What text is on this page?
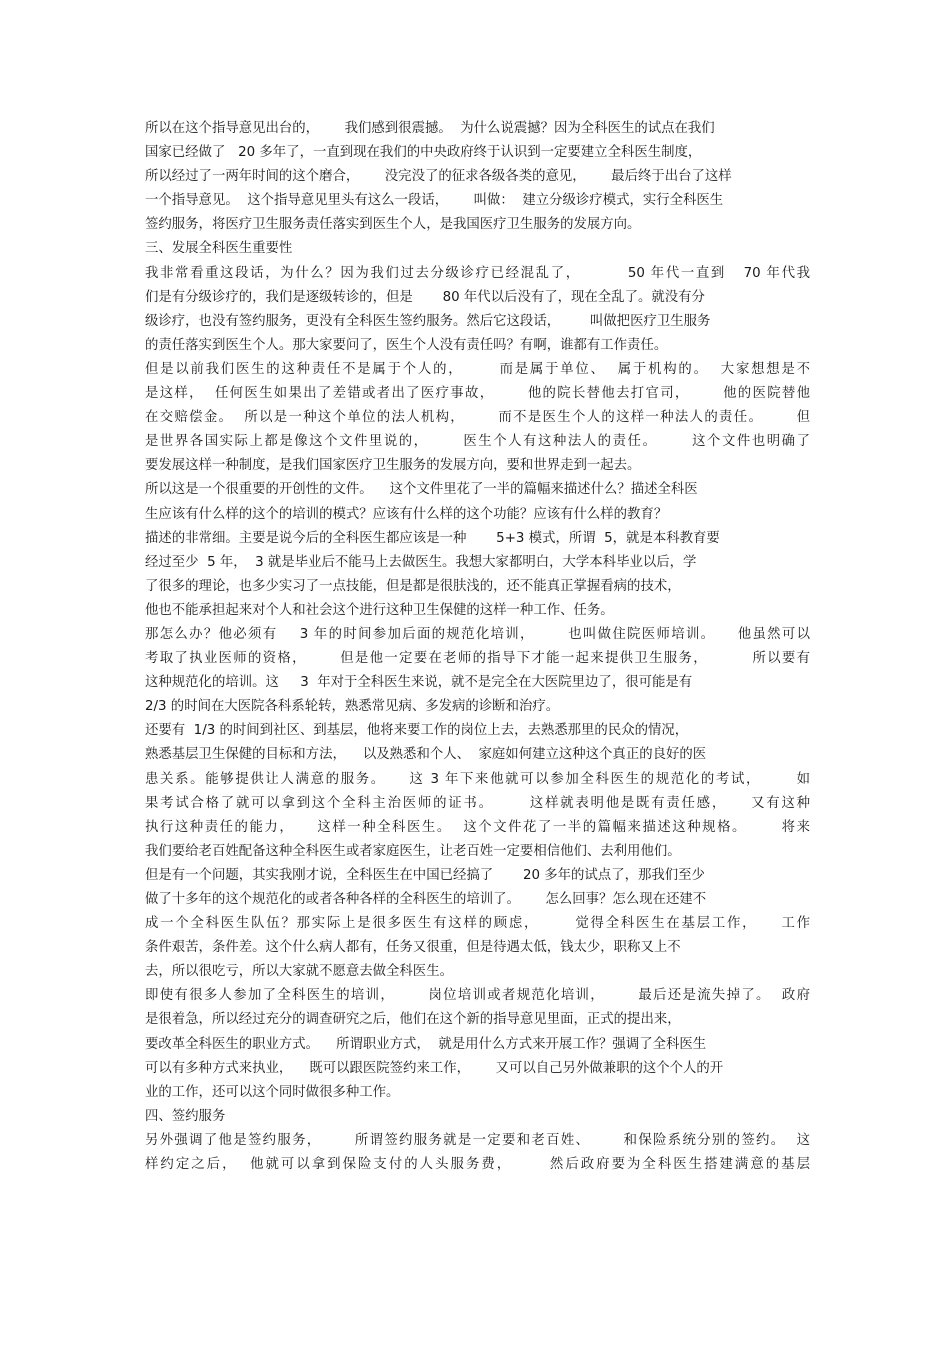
所以在这个指导意见出台的，      我们感到很震撼。  为什么说震撼？因为全科医生的试点在我们
国家已经做了   20 多年了，一直到现在我们的中央政府终于认识到一定要建立全科医生制度，
所以经过了一两年时间的这个磨合，      没完没了的征求各级各类的意见，      最后终于出台了这样
一个指导意见。  这个指导意见里头有这么一段话，      叫做：  建立分级诊疗模式，实行全科医生
签约服务，将医疗卫生服务责任落实到医生个人，是我国医疗卫生服务的发展方向。
三、发展全科医生重要性
我非常看重这段话，为什么？因为我们过去分级诊疗已经混乱了，        50 年代一直到   70 年代我
们是有分级诊疗的，我们是逐级转诊的，但是       80 年代以后没有了，现在全乱了。就没有分
级诊疗，也没有签约服务，更没有全科医生签约服务。然后它这段话，       叫做把医疗卫生服务
的责任落实到医生个人。那大家要问了，医生个人没有责任吗？有啊，谁都有工作责任。
但是以前我们医生的这种责任不是属于个人的，      而是属于单位、  属于机构的。  大家想想是不
是这样，  任何医生如果出了差错或者出了医疗事故，      他的院长替他去打官司，      他的医院替他
在交赔偿金。  所以是一种这个单位的法人机构，      而不是医生个人的这样一种法人的责任。      但
是世界各国实际上都是像这个文件里说的，      医生个人有这种法人的责任。      这个文件也明确了
要发展这样一种制度，是我们国家医疗卫生服务的发展方向，要和世界走到一起去。
所以这是一个很重要的开创性的文件。    这个文件里花了一半的篇幅来描述什么？描述全科医
生应该有什么样的这个的培训的模式？应该有什么样的这个功能？应该有什么样的教育？
描述的非常细。主要是说今后的全科医生都应该是一种       5+3 模式，所谓  5，就是本科教育要
经过至少  5 年，  3 就是毕业后不能马上去做医生。我想大家都明白，大学本科毕业以后，学
了很多的理论，也多少实习了一点技能，但是都是很肤浅的，还不能真正掌握看病的技术，
他也不能承担起来对个人和社会这个进行这种卫生保健的这样一种工作、任务。
那怎么办？他必须有    3 年的时间参加后面的规范化培训，      也叫做住院医师培训。    他虽然可以
考取了执业医师的资格，      但是他一定要在老师的指导下才能一起来提供卫生服务，        所以要有
这种规范化的培训。这     3  年对于全科医生来说，就不是完全在大医院里边了，很可能是有
2/3 的时间在大医院各科系轮转，熟悉常见病、多发病的诊断和治疗。
还要有  1/3 的时间到社区、到基层，他将来要工作的岗位上去，去熟悉那里的民众的情况，
熟悉基层卫生保健的目标和方法，    以及熟悉和个人、  家庭如何建立这种这个真正的良好的医
患关系。能够提供让人满意的服务。    这 3 年下来他就可以参加全科医生的规范化的考试，      如
果考试合格了就可以拿到这个全科主治医师的证书。      这样就表明他是既有责任感，    又有这种
执行这种责任的能力，    这样一种全科医生。  这个文件花了一半的篇幅来描述这种规格。      将来
我们要给老百姓配备这种全科医生或者家庭医生，让老百姓一定要相信他们、去利用他们。
但是有一个问题，其实我刚才说，全科医生在中国已经搞了       20 多年的试点了，那我们至少
做了十多年的这个规范化的或者各种各样的全科医生的培训了。      怎么回事？怎么现在还建不
成一个全科医生队伍？那实际上是很多医生有这样的顾虑，      觉得全科医生在基层工作，    工作
条件艰苦，条件差。这个什么病人都有，任务又很重，但是待遇太低，钱太少，职称又上不
去，所以很吃亏，所以大家就不愿意去做全科医生。
即使有很多人参加了全科医生的培训，      岗位培训或者规范化培训，      最后还是流失掉了。  政府
是很着急，所以经过充分的调查研究之后，他们在这个新的指导意见里面，正式的提出来，
要改革全科医生的职业方式。    所谓职业方式，  就是用什么方式来开展工作？强调了全科医生
可以有多种方式来执业，    既可以跟医院签约来工作，      又可以自己另外做兼职的这个个人的开
业的工作，还可以这个同时做很多种工作。
四、签约服务
另外强调了他是签约服务，      所谓签约服务就是一定要和老百姓、      和保险系统分别的签约。  这
样约定之后，  他就可以拿到保险支付的人头服务费，      然后政府要为全科医生搭建满意的基层
